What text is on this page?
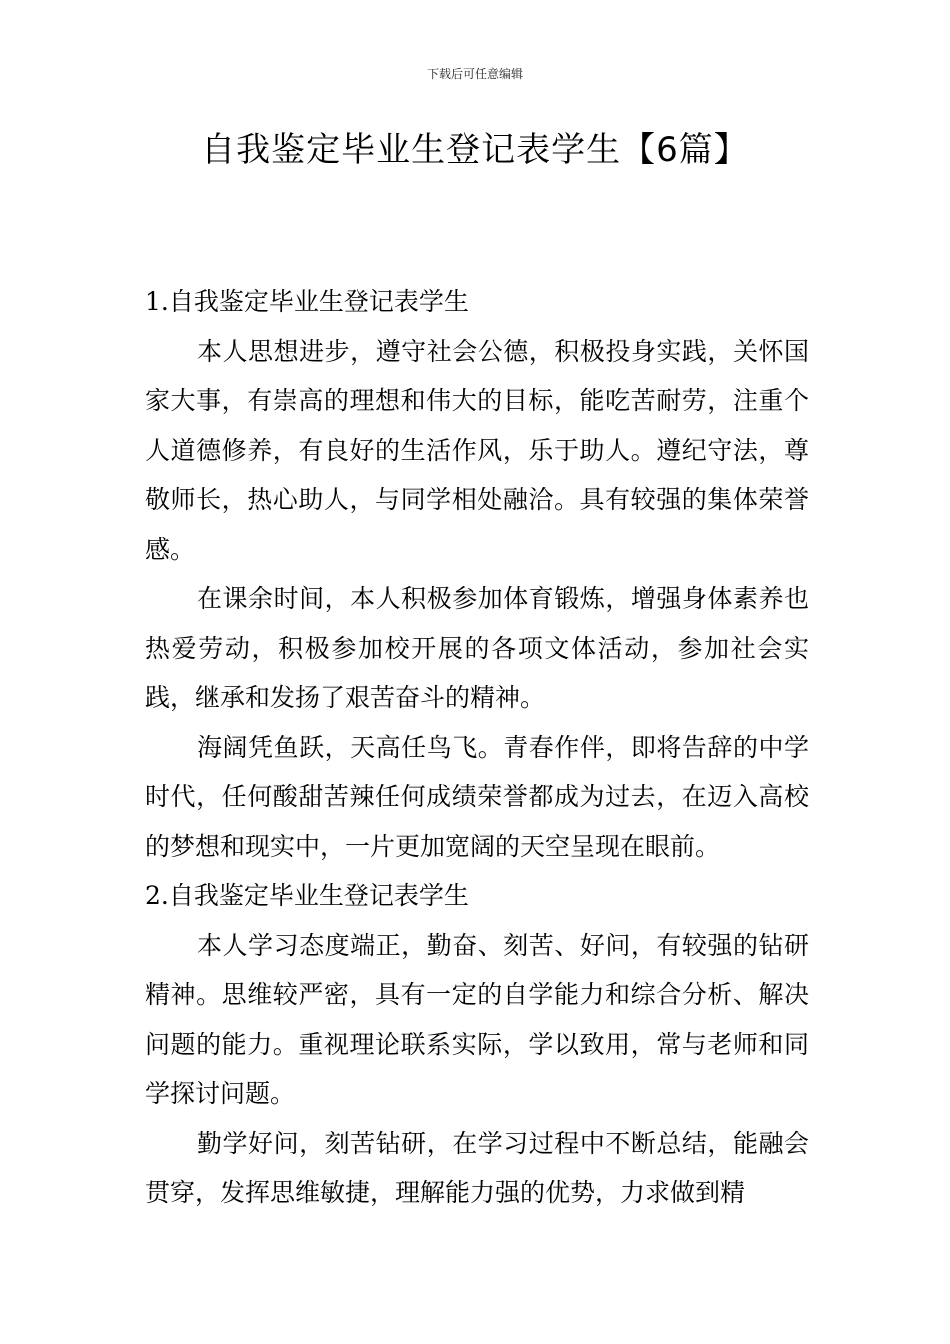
下载后可任意编辑
自我鉴定毕业生登记表学生【6篇】
1.自我鉴定毕业生登记表学生

本人思想进步，遵守社会公德，积极投身实践，关怀国家大事，有崇高的理想和伟大的目标，能吃苦耐劳，注重个人道德修养，有良好的生活作风，乐于助人。遵纪守法，尊敬师长，热心助人，与同学相处融洽。具有较强的集体荣誉感。

在课余时间，本人积极参加体育锻炼，增强身体素养也热爱劳动，积极参加校开展的各项文体活动，参加社会实践，继承和发扬了艰苦奋斗的精神。

海阔凭鱼跃，天高任鸟飞。青春作伴，即将告辞的中学时代，任何酸甜苦辣任何成绩荣誉都成为过去，在迈入高校的梦想和现实中，一片更加宽阔的天空呈现在眼前。

2.自我鉴定毕业生登记表学生

本人学习态度端正，勤奋、刻苦、好问，有较强的钻研精神。思维较严密，具有一定的自学能力和综合分析、解决问题的能力。重视理论联系实际，学以致用，常与老师和同学探讨问题。

勤学好问，刻苦钻研，在学习过程中不断总结，能融会贯穿，发挥思维敏捷，理解能力强的优势，力求做到精
